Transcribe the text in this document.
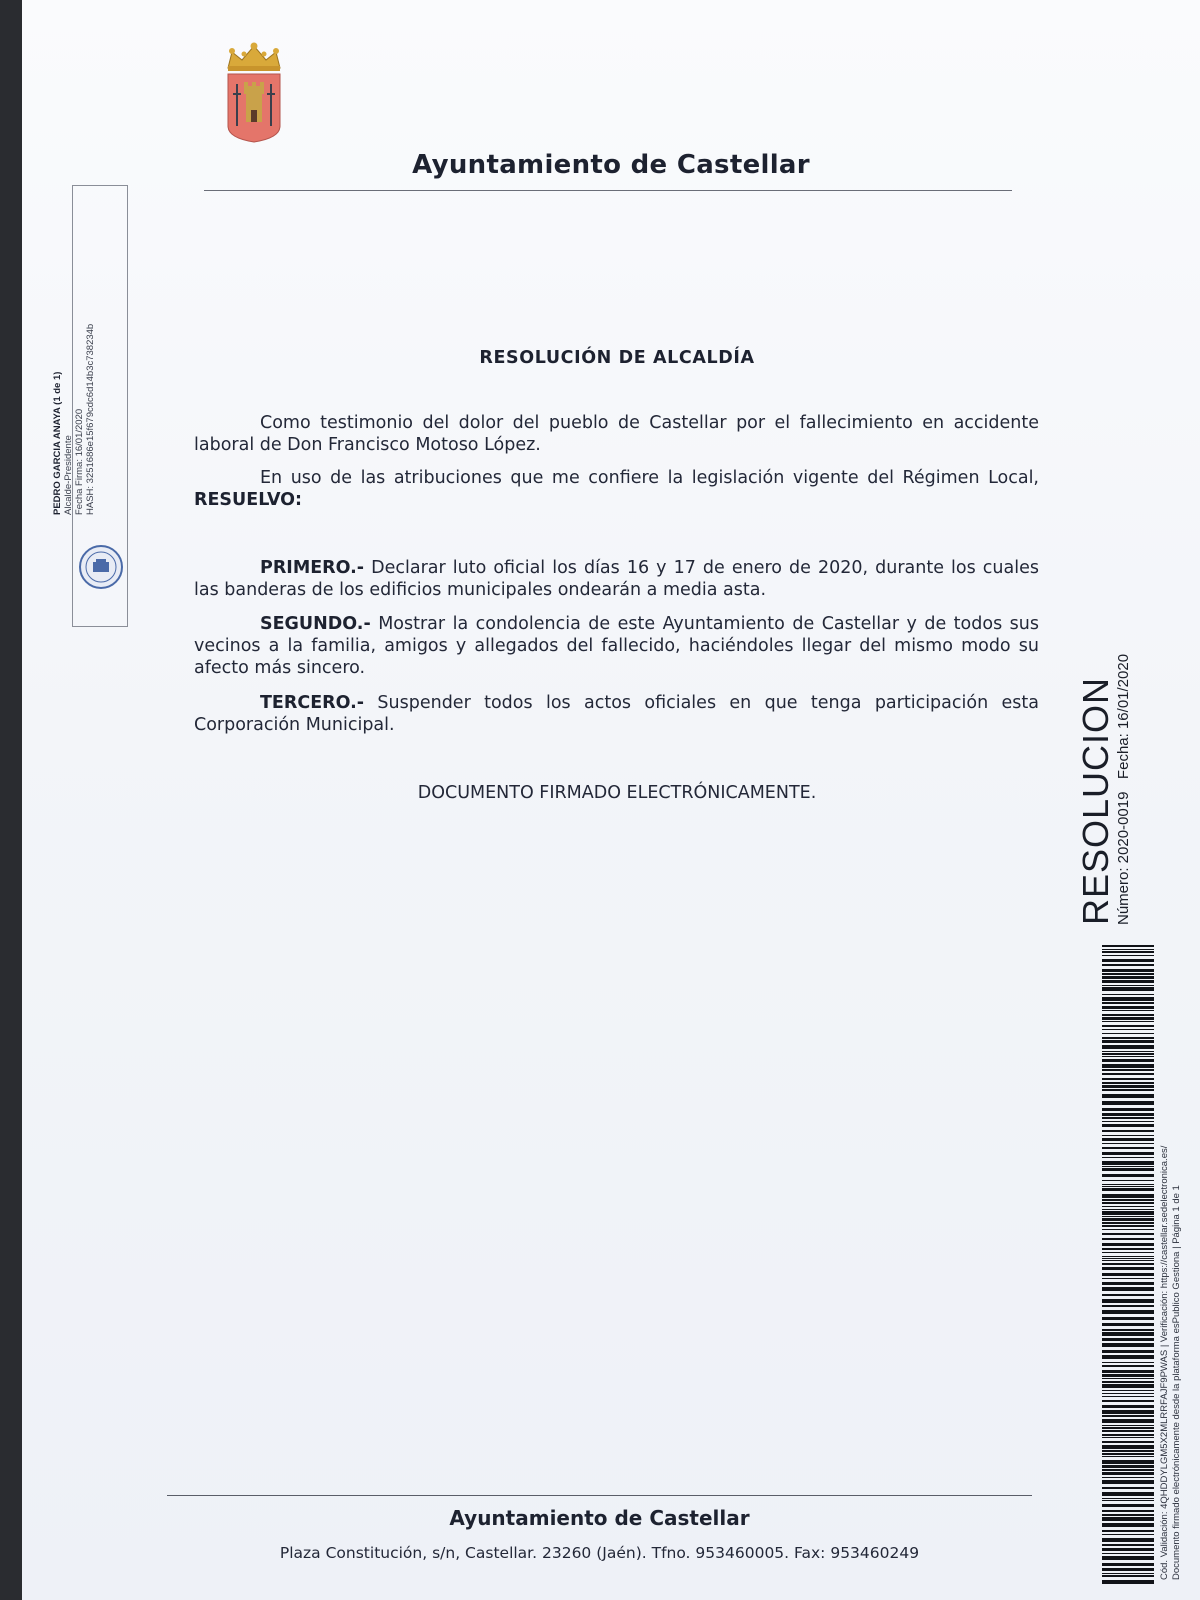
Ayuntamiento de Castellar
PEDRO GARCIA ANAYA (1 de 1) Alcalde-Presidente Fecha Firma: 16/01/2020 HASH: 3251686e15f679cdc6d14b3c738234b	RESOLUCIÓN DE ALCALDÍA

Como testimonio del dolor del pueblo de Castellar por el fallecimiento en accidente laboral de Don Francisco Motoso López.

En uso de las atribuciones que me confiere la legislación vigente del Régimen Local, RESUELVO:

PRIMERO.- Declarar luto oficial los días 16 y 17 de enero de 2020, durante los cuales las banderas de los edificios municipales ondearán a media asta.

SEGUNDO.- Mostrar la condolencia de este Ayuntamiento de Castellar y de todos sus vecinos a la familia, amigos y allegados del fallecido, haciéndoles llegar del mismo modo su afecto más sincero.

TERCERO.- Suspender todos los actos oficiales en que tenga participación esta Corporación Municipal.

DOCUMENTO FIRMADO ELECTRÓNICAMENTE.	RESOLUCION Número: 2020-0019   Fecha: 16/01/2020
Cód. Validación: 4QHDDYLGM5X2MLRRFAJF9PWAS | Verificación: https://castellar.sedelectronica.es/ Documento firmado electrónicamente desde la plataforma esPublico Gestiona | Página 1 de 1
Ayuntamiento de Castellar
Plaza Constitución, s/n, Castellar. 23260 (Jaén). Tfno. 953460005. Fax: 953460249
